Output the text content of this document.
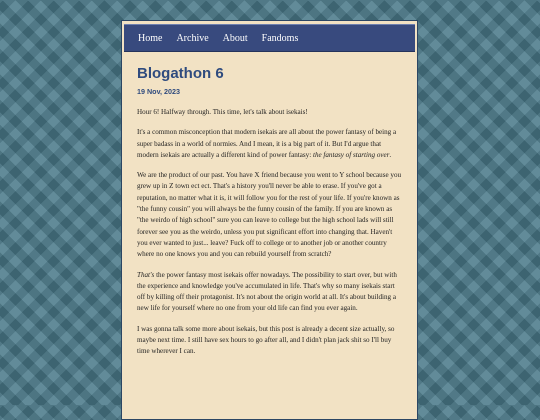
Home Archive About Fandoms
Blogathon 6
19 Nov, 2023

Hour 6! Halfway through. This time, let's talk about isekais!

It's a common misconception that modern isekais are all about the power fantasy of being a super badass in a world of normies. And I mean, it is a big part of it. But I'd argue that modern isekais are actually a different kind of power fantasy: the fantasy of starting over.

We are the product of our past. You have X friend because you went to Y school because you grew up in Z town ect ect. That's a history you'll never be able to erase. If you've got a reputation, no matter what it is, it will follow you for the rest of your life. If you're known as "the funny cousin" you will always be the funny cousin of the family. If you are known as "the weirdo of high school" sure you can leave to college but the high school lads will still forever see you as the weirdo, unless you put significant effort into changing that. Haven't you ever wanted to just... leave? Fuck off to college or to another job or another country where no one knows you and you can rebuild yourself from scratch?

That's the power fantasy most isekais offer nowadays. The possibility to start over, but with the experience and knowledge you've accumulated in life. That's why so many isekais start off by killing off their protagonist. It's not about the origin world at all. It's about building a new life for yourself where no one from your old life can find you ever again.

I was gonna talk some more about isekais, but this post is already a decent size actually, so maybe next time. I still have sex hours to go after all, and I didn't plan jack shit so I'll buy time wherever I can.
